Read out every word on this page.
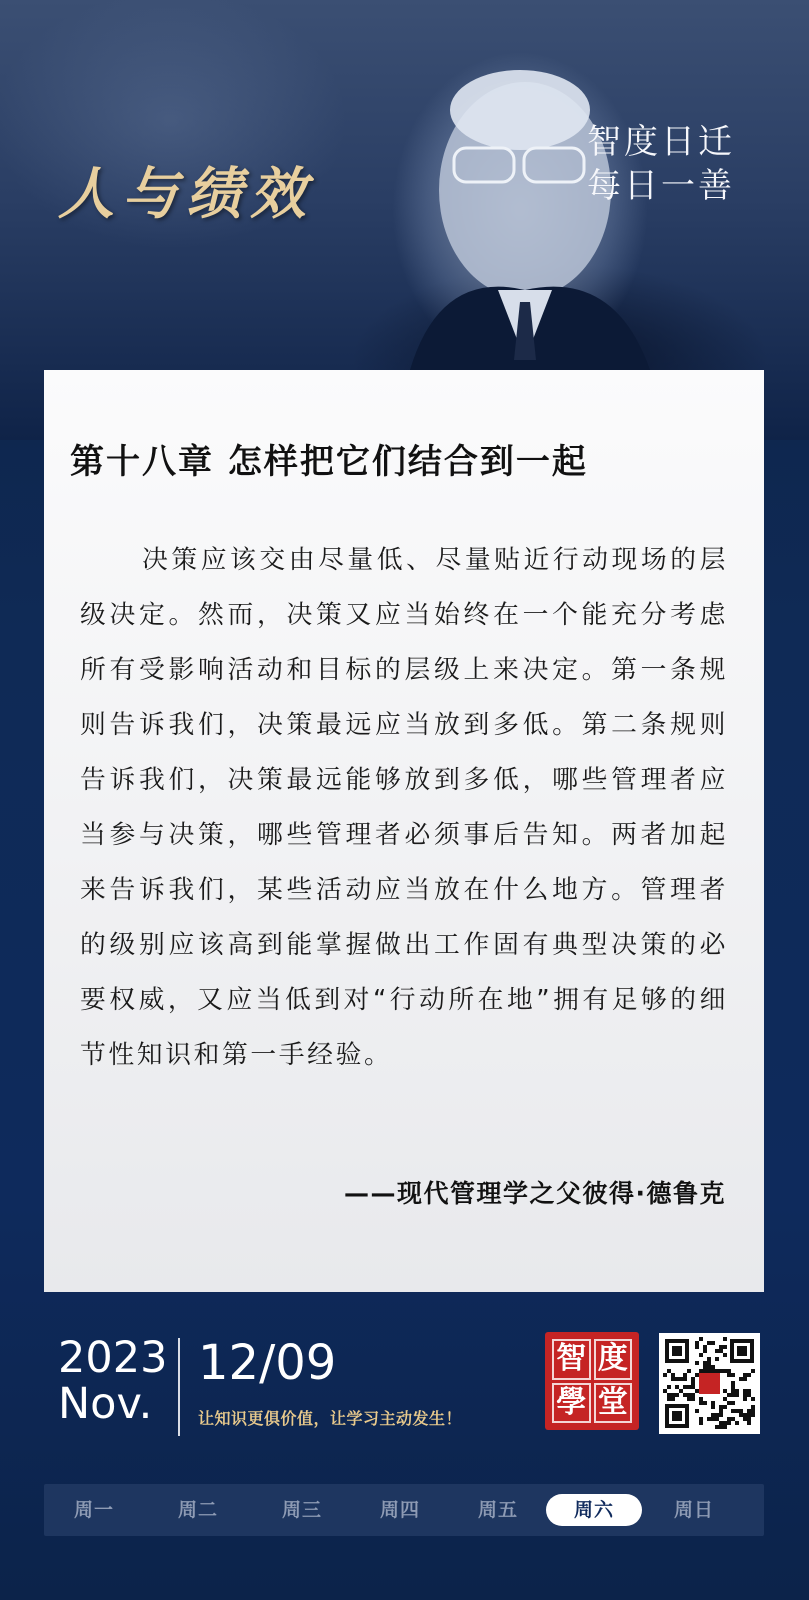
人与绩效
智度日迁
每日一善
第十八章 怎样把它们结合到一起

决策应该交由尽量低、尽量贴近行动现场的层级决定。然而，决策又应当始终在一个能充分考虑所有受影响活动和目标的层级上来决定。第一条规则告诉我们，决策最远应当放到多低。第二条规则告诉我们，决策最远能够放到多低，哪些管理者应当参与决策，哪些管理者必须事后告知。两者加起来告诉我们，某些活动应当放在什么地方。管理者的级别应该高到能掌握做出工作固有典型决策的必要权威，又应当低到对“行动所在地”拥有足够的细节性知识和第一手经验。

——现代管理学之父彼得·德鲁克
2023
Nov.
12/09
让知识更俱价值，让学习主动发生！
智 度
學 堂
周一	周二	周三	周四	周五	周六	周日
